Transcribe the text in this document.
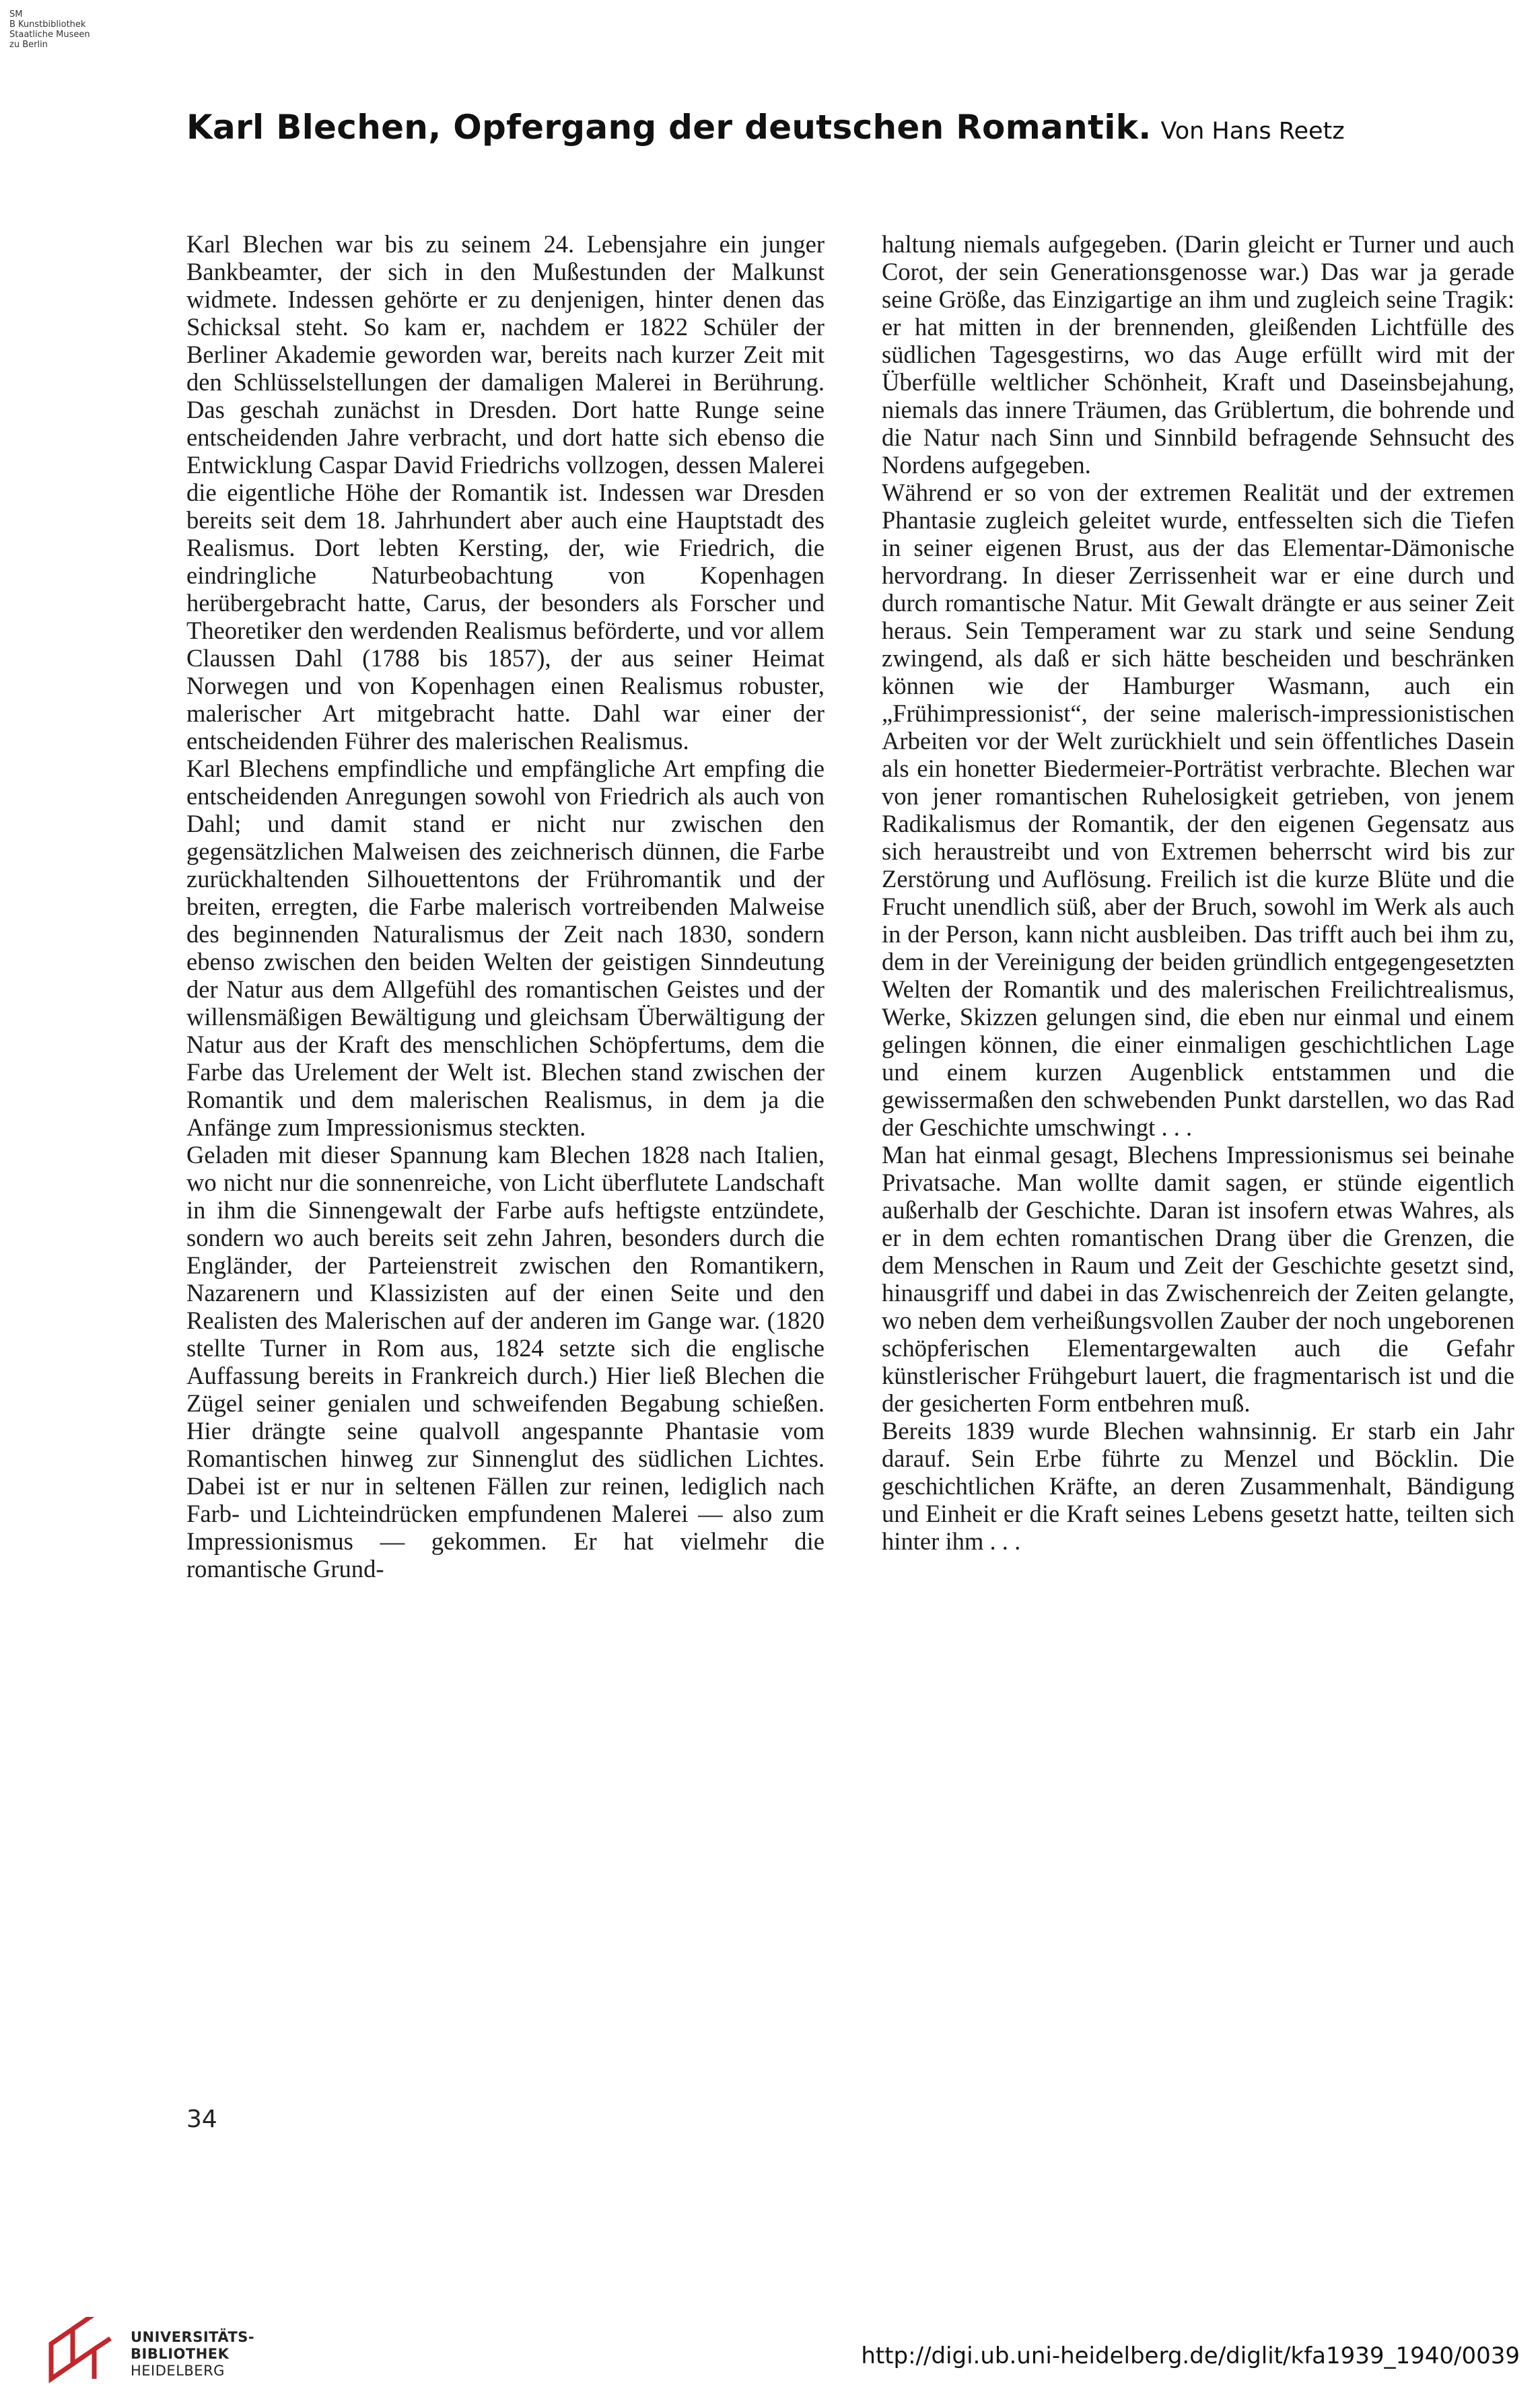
SM
B Kunstbibliothek
Staatliche Museen
zu Berlin
Karl Blechen, Opfergang der deutschen Romantik. Von Hans Reetz

Karl Blechen war bis zu seinem 24. Lebensjahre ein junger Bankbeamter, der sich in den Mußestunden der Malkunst widmete. Indessen gehörte er zu denjenigen, hinter denen das Schicksal steht. So kam er, nachdem er 1822 Schüler der Berliner Akademie geworden war, bereits nach kurzer Zeit mit den Schlüsselstellungen der damaligen Malerei in Berührung. Das geschah zunächst in Dresden. Dort hatte Runge seine entscheidenden Jahre verbracht, und dort hatte sich ebenso die Entwicklung Caspar David Friedrichs vollzogen, dessen Malerei die eigentliche Höhe der Romantik ist. Indessen war Dresden bereits seit dem 18. Jahrhundert aber auch eine Hauptstadt des Realismus. Dort lebten Kersting, der, wie Friedrich, die eindringliche Naturbeobachtung von Kopenhagen herübergebracht hatte, Carus, der besonders als Forscher und Theoretiker den werdenden Realismus beförderte, und vor allem Claussen Dahl (1788 bis 1857), der aus seiner Heimat Norwegen und von Kopenhagen einen Realismus robuster, malerischer Art mitgebracht hatte. Dahl war einer der entscheidenden Führer des malerischen Realismus.

Karl Blechens empfindliche und empfängliche Art empfing die entscheidenden Anregungen sowohl von Friedrich als auch von Dahl; und damit stand er nicht nur zwischen den gegensätzlichen Malweisen des zeichnerisch dünnen, die Farbe zurückhaltenden Silhouettentons der Frühromantik und der breiten, erregten, die Farbe malerisch vortreibenden Malweise des beginnenden Naturalismus der Zeit nach 1830, sondern ebenso zwischen den beiden Welten der geistigen Sinndeutung der Natur aus dem Allgefühl des romantischen Geistes und der willensmäßigen Bewältigung und gleichsam Überwältigung der Natur aus der Kraft des menschlichen Schöpfertums, dem die Farbe das Urelement der Welt ist. Blechen stand zwischen der Romantik und dem malerischen Realismus, in dem ja die Anfänge zum Impressionismus steckten.

Geladen mit dieser Spannung kam Blechen 1828 nach Italien, wo nicht nur die sonnenreiche, von Licht überflutete Landschaft in ihm die Sinnengewalt der Farbe aufs heftigste entzündete, sondern wo auch bereits seit zehn Jahren, besonders durch die Engländer, der Parteienstreit zwischen den Romantikern, Nazarenern und Klassizisten auf der einen Seite und den Realisten des Malerischen auf der anderen im Gange war. (1820 stellte Turner in Rom aus, 1824 setzte sich die englische Auffassung bereits in Frankreich durch.) Hier ließ Blechen die Zügel seiner genialen und schweifenden Begabung schießen. Hier drängte seine qualvoll angespannte Phantasie vom Romantischen hinweg zur Sinnenglut des südlichen Lichtes. Dabei ist er nur in seltenen Fällen zur reinen, lediglich nach Farb- und Lichteindrücken empfundenen Malerei — also zum Impressionismus — gekommen. Er hat vielmehr die romantische Grund-

haltung niemals aufgegeben. (Darin gleicht er Turner und auch Corot, der sein Generationsgenosse war.) Das war ja gerade seine Größe, das Einzigartige an ihm und zugleich seine Tragik: er hat mitten in der brennenden, gleißenden Lichtfülle des südlichen Tagesgestirns, wo das Auge erfüllt wird mit der Überfülle weltlicher Schönheit, Kraft und Daseinsbejahung, niemals das innere Träumen, das Grüblertum, die bohrende und die Natur nach Sinn und Sinnbild befragende Sehnsucht des Nordens aufgegeben.

Während er so von der extremen Realität und der extremen Phantasie zugleich geleitet wurde, entfesselten sich die Tiefen in seiner eigenen Brust, aus der das Elementar-Dämonische hervordrang. In dieser Zerrissenheit war er eine durch und durch romantische Natur. Mit Gewalt drängte er aus seiner Zeit heraus. Sein Temperament war zu stark und seine Sendung zwingend, als daß er sich hätte bescheiden und beschränken können wie der Hamburger Wasmann, auch ein „Frühimpressionist“, der seine malerisch-impressionistischen Arbeiten vor der Welt zurückhielt und sein öffentliches Dasein als ein honetter Biedermeier-Porträtist verbrachte. Blechen war von jener romantischen Ruhelosigkeit getrieben, von jenem Radikalismus der Romantik, der den eigenen Gegensatz aus sich heraustreibt und von Extremen beherrscht wird bis zur Zerstörung und Auflösung. Freilich ist die kurze Blüte und die Frucht unendlich süß, aber der Bruch, sowohl im Werk als auch in der Person, kann nicht ausbleiben. Das trifft auch bei ihm zu, dem in der Vereinigung der beiden gründlich entgegengesetzten Welten der Romantik und des malerischen Freilichtrealismus, Werke, Skizzen gelungen sind, die eben nur einmal und einem gelingen können, die einer einmaligen geschichtlichen Lage und einem kurzen Augenblick entstammen und die gewissermaßen den schwebenden Punkt darstellen, wo das Rad der Geschichte umschwingt . . .

Man hat einmal gesagt, Blechens Impressionismus sei beinahe Privatsache. Man wollte damit sagen, er stünde eigentlich außerhalb der Geschichte. Daran ist insofern etwas Wahres, als er in dem echten romantischen Drang über die Grenzen, die dem Menschen in Raum und Zeit der Geschichte gesetzt sind, hinausgriff und dabei in das Zwischenreich der Zeiten gelangte, wo neben dem verheißungsvollen Zauber der noch ungeborenen schöpferischen Elementargewalten auch die Gefahr künstlerischer Frühgeburt lauert, die fragmentarisch ist und die der gesicherten Form entbehren muß.

Bereits 1839 wurde Blechen wahnsinnig. Er starb ein Jahr darauf. Sein Erbe führte zu Menzel und Böcklin. Die geschichtlichen Kräfte, an deren Zusammenhalt, Bändigung und Einheit er die Kraft seines Lebens gesetzt hatte, teilten sich hinter ihm . . .

34
UNIVERSITÄTS-
BIBLIOTHEK
HEIDELBERG
http://digi.ub.uni-heidelberg.de/diglit/kfa1939_1940/0039
